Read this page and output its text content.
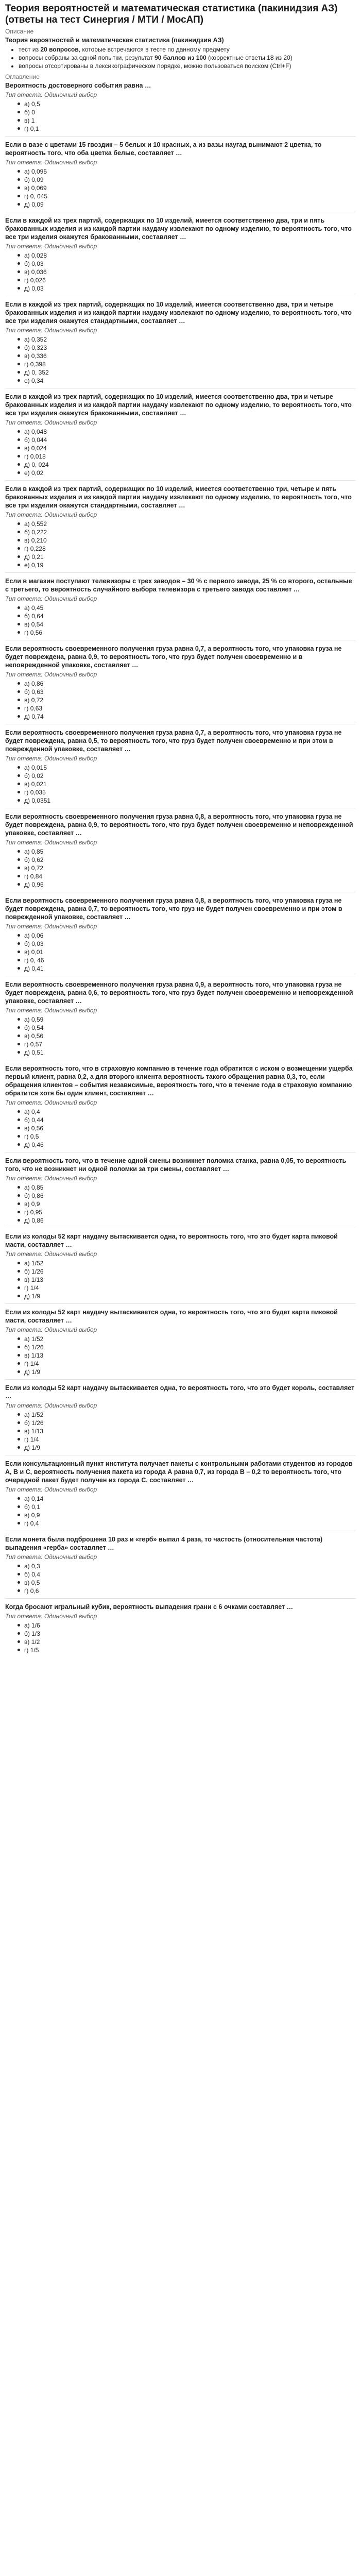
Теория вероятностей и математическая статистика (пакинидзия АЗ) (ответы на тест Синергия / МТИ / МосАП)
Описание
Теория вероятностей и математическая статистика (пакинидзия АЗ)
• тест из 20 вопросов, которые встречаются в тесте по данному предмету
• вопросы собраны за одной попытки, результат 90 баллов из 100 (корректные ответы 18 из 20)
• вопросы отсортированы в лексикографическом порядке, можно пользоваться поиском (Ctrl+F)
Оглавление
Вероятность достоверного события равна …
Тип ответа: Одиночный выбор
а) 0,5
б) 0
в) 1
г) 0,1
Если в вазе с цветами 15 гвоздик – 5 белых и 10 красных, а из вазы наугад вынимают 2 цветка, то вероятность того, что оба цветка белые, составляет …
Тип ответа: Одиночный выбор
а) 0,095
б) 0,09
в) 0,069
г) 0, 045
д) 0,09
Если в каждой из трех партий, содержащих по 10 изделий, имеется соответственно два, три и пять бракованных изделия и из каждой партии наудачу извлекают по одному изделию, то вероятность того, что все три изделия окажутся бракованными, составляет …
Тип ответа: Одиночный выбор
а) 0,028
б) 0,03
в) 0,036
г) 0,026
д) 0,03
Если в каждой из трех партий, содержащих по 10 изделий, имеется соответственно два, три и четыре бракованных изделия и из каждой партии наудачу извлекают по одному изделию, то вероятность того, что все три изделия окажутся стандартными, составляет …
Тип ответа: Одиночный выбор
а) 0,352
б) 0,323
в) 0,336
г) 0,398
д) 0, 352
е) 0,34
Если в каждой из трех партий, содержащих по 10 изделий, имеется соответственно два, три и четыре бракованных изделия и из каждой партии наудачу извлекают по одному изделию, то вероятность того, что все три изделия окажутся бракованными, составляет …
Тип ответа: Одиночный выбор
а) 0,048
б) 0,044
в) 0,024
г) 0,018
д) 0, 024
е) 0,02
Если в каждой из трех партий, содержащих по 10 изделий, имеется соответственно три, четыре и пять бракованных изделия и из каждой партии наудачу извлекают по одному изделию, то вероятность того, что все три изделия окажутся стандартными, составляет …
Тип ответа: Одиночный выбор
а) 0,552
б) 0,222
в) 0,210
г) 0,228
д) 0,21
е) 0,19
Если в магазин поступают телевизоры с трех заводов – 30 % с первого завода, 25 % со второго, остальные с третьего, то вероятность случайного выбора телевизора с третьего завода составляет …
Тип ответа: Одиночный выбор
а) 0,45
б) 0,64
в) 0,54
г) 0,56
Если вероятность своевременного получения груза равна 0,7, а вероятность того, что упаковка груза не будет повреждена, равна 0,9, то вероятность того, что груз будет получен своевременно и в неповрежденной упаковке, составляет …
Тип ответа: Одиночный выбор
а) 0,86
б) 0,63
в) 0,72
г) 0,63
д) 0,74
Если вероятность своевременного получения груза равна 0,7, а вероятность того, что упаковка груза не будет повреждена, равна 0,5, то вероятность того, что груз будет получен своевременно и при этом в поврежденной упаковке, составляет …
Тип ответа: Одиночный выбор
а) 0,015
б) 0,02
в) 0,021
г) 0,035
д) 0,0351
Если вероятность своевременного получения груза равна 0,8, а вероятность того, что упаковка груза не будет повреждена, равна 0,9, то вероятность того, что груз будет получен своевременно и неповрежденной упаковке, составляет …
Тип ответа: Одиночный выбор
а) 0,85
б) 0,62
в) 0,72
г) 0,84
д) 0,96
Если вероятность своевременного получения груза равна 0,8, а вероятность того, что упаковка груза не будет повреждена, равна 0,7, то вероятность того, что груз не будет получен своевременно и при этом в поврежденной упаковке, составляет …
Тип ответа: Одиночный выбор
а) 0,06
б) 0,03
в) 0,01
г) 0, 46
д) 0,41
Если вероятность своевременного получения груза равна 0,9, а вероятность того, что упаковка груза не будет повреждена, равна 0,6, то вероятность того, что груз будет получен своевременно и неповрежденной упаковке, составляет …
Тип ответа: Одиночный выбор
а) 0,59
б) 0,54
в) 0,56
г) 0,57
д) 0,51
Если вероятность того, что в страховую компанию в течение года обратится с иском о возмещении ущерба первый клиент, равна 0,2, а для второго клиента вероятность такого обращения равна 0,3, то, если обращения клиентов – события независимые, вероятность того, что в течение года в страховую компанию обратится хотя бы один клиент, составляет …
Тип ответа: Одиночный выбор
а) 0,4
б) 0,44
в) 0,56
г) 0,5
д) 0,46
Если вероятность того, что в течение одной смены возникнет поломка станка, равна 0,05, то вероятность того, что не возникнет ни одной поломки за три смены, составляет …
Тип ответа: Одиночный выбор
а) 0,85
б) 0,86
в) 0,9
г) 0,95
д) 0,86
Если из колоды 52 карт наудачу вытаскивается одна, то вероятность того, что это будет карта пиковой масти, составляет …
Тип ответа: Одиночный выбор
а) 1/52
б) 1/26
в) 1/13
г) 1/4
д) 1/9
Если из колоды 52 карт наудачу вытаскивается одна, то вероятность того, что это будет карта пиковой масти, составляет …
Тип ответа: Одиночный выбор
а) 1/52
б) 1/26
в) 1/13
г) 1/4
д) 1/9
Если из колоды 52 карт наудачу вытаскивается одна, то вероятность того, что это будет король, составляет …
Тип ответа: Одиночный выбор
а) 1/52
б) 1/26
в) 1/13
г) 1/4
д) 1/9
Если консультационный пункт института получает пакеты с контрольными работами студентов из городов А, В и С, вероятность получения пакета из города А равна 0,7, из города В – 0,2 то вероятность того, что очередной пакет будет получен из города С, составляет …
Тип ответа: Одиночный выбор
а) 0,14
б) 0,1
в) 0,9
г) 0,4
Если монета была подброшена 10 раз и «герб» выпал 4 раза, то частость (относительная частота) выпадения «герба» составляет …
Тип ответа: Одиночный выбор
а) 0,3
б) 0,4
в) 0,5
г) 0,6
Когда бросают игральный кубик, вероятность выпадения грани с 6 очками составляет …
Тип ответа: Одиночный выбор
а) 1/6
б) 1/3
в) 1/2
г) 1/5
